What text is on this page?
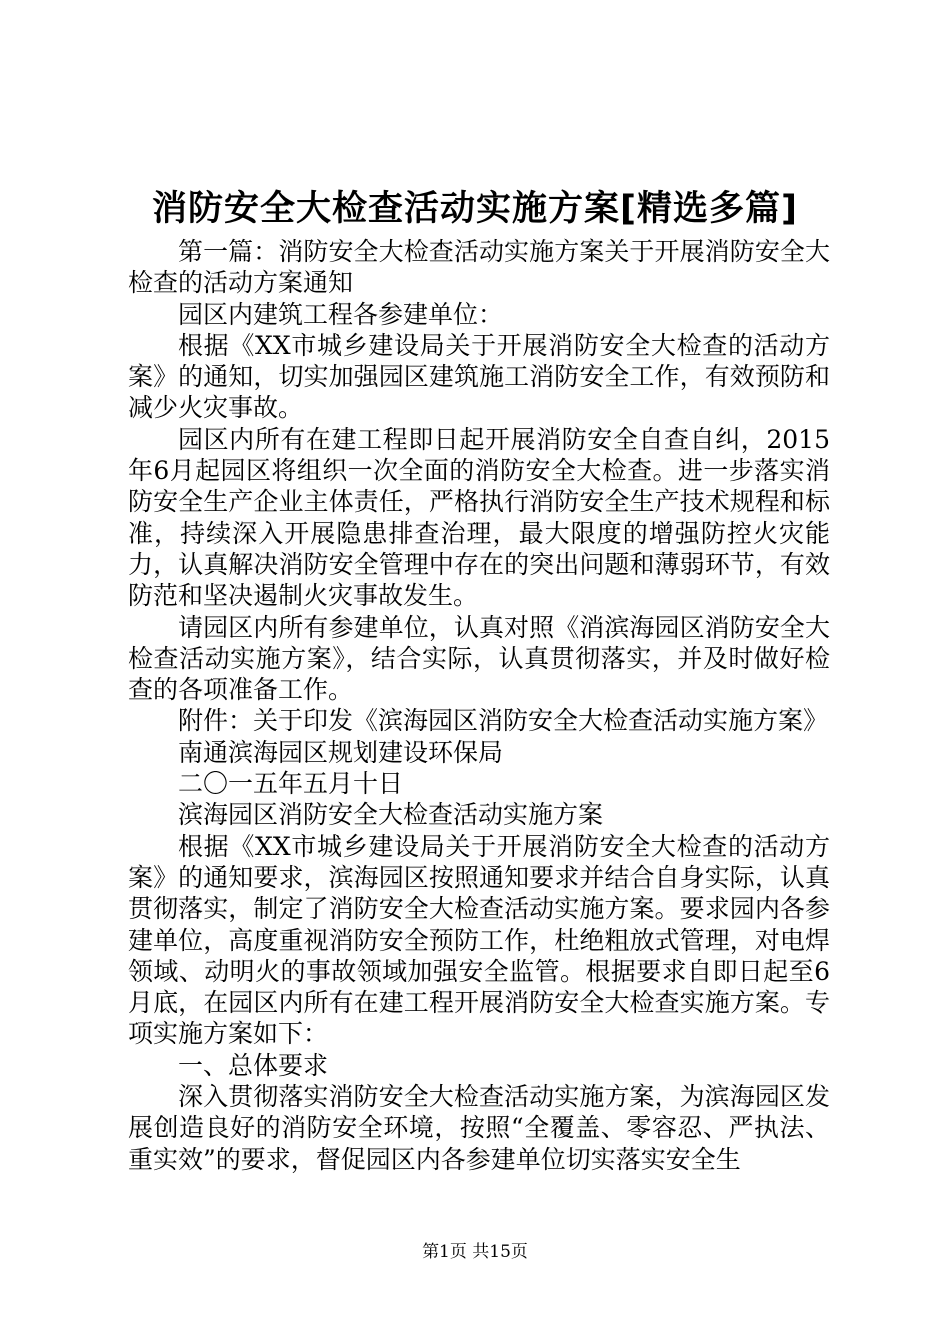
消防安全大检查活动实施方案[精选多篇]

第一篇：消防安全大检查活动实施方案关于开展消防安全大检查的活动方案通知

园区内建筑工程各参建单位：

根据《XX市城乡建设局关于开展消防安全大检查的活动方案》的通知，切实加强园区建筑施工消防安全工作，有效预防和减少火灾事故。

园区内所有在建工程即日起开展消防安全自查自纠，2015年6月起园区将组织一次全面的消防安全大检查。进一步落实消防安全生产企业主体责任，严格执行消防安全生产技术规程和标准，持续深入开展隐患排查治理，最大限度的增强防控火灾能力，认真解决消防安全管理中存在的突出问题和薄弱环节，有效防范和坚决遏制火灾事故发生。

请园区内所有参建单位，认真对照《消滨海园区消防安全大检查活动实施方案》，结合实际，认真贯彻落实，并及时做好检查的各项准备工作。

附件：关于印发《滨海园区消防安全大检查活动实施方案》

南通滨海园区规划建设环保局

二〇一五年五月十日

滨海园区消防安全大检查活动实施方案

根据《XX市城乡建设局关于开展消防安全大检查的活动方案》的通知要求，滨海园区按照通知要求并结合自身实际，认真贯彻落实，制定了消防安全大检查活动实施方案。要求园内各参建单位，高度重视消防安全预防工作，杜绝粗放式管理，对电焊领域、动明火的事故领域加强安全监管。根据要求自即日起至6月底，在园区内所有在建工程开展消防安全大检查实施方案。专项实施方案如下：

一、总体要求

深入贯彻落实消防安全大检查活动实施方案，为滨海园区发展创造良好的消防安全环境，按照“全覆盖、零容忍、严执法、重实效”的要求，督促园区内各参建单位切实落实安全生

第1页 共15页
